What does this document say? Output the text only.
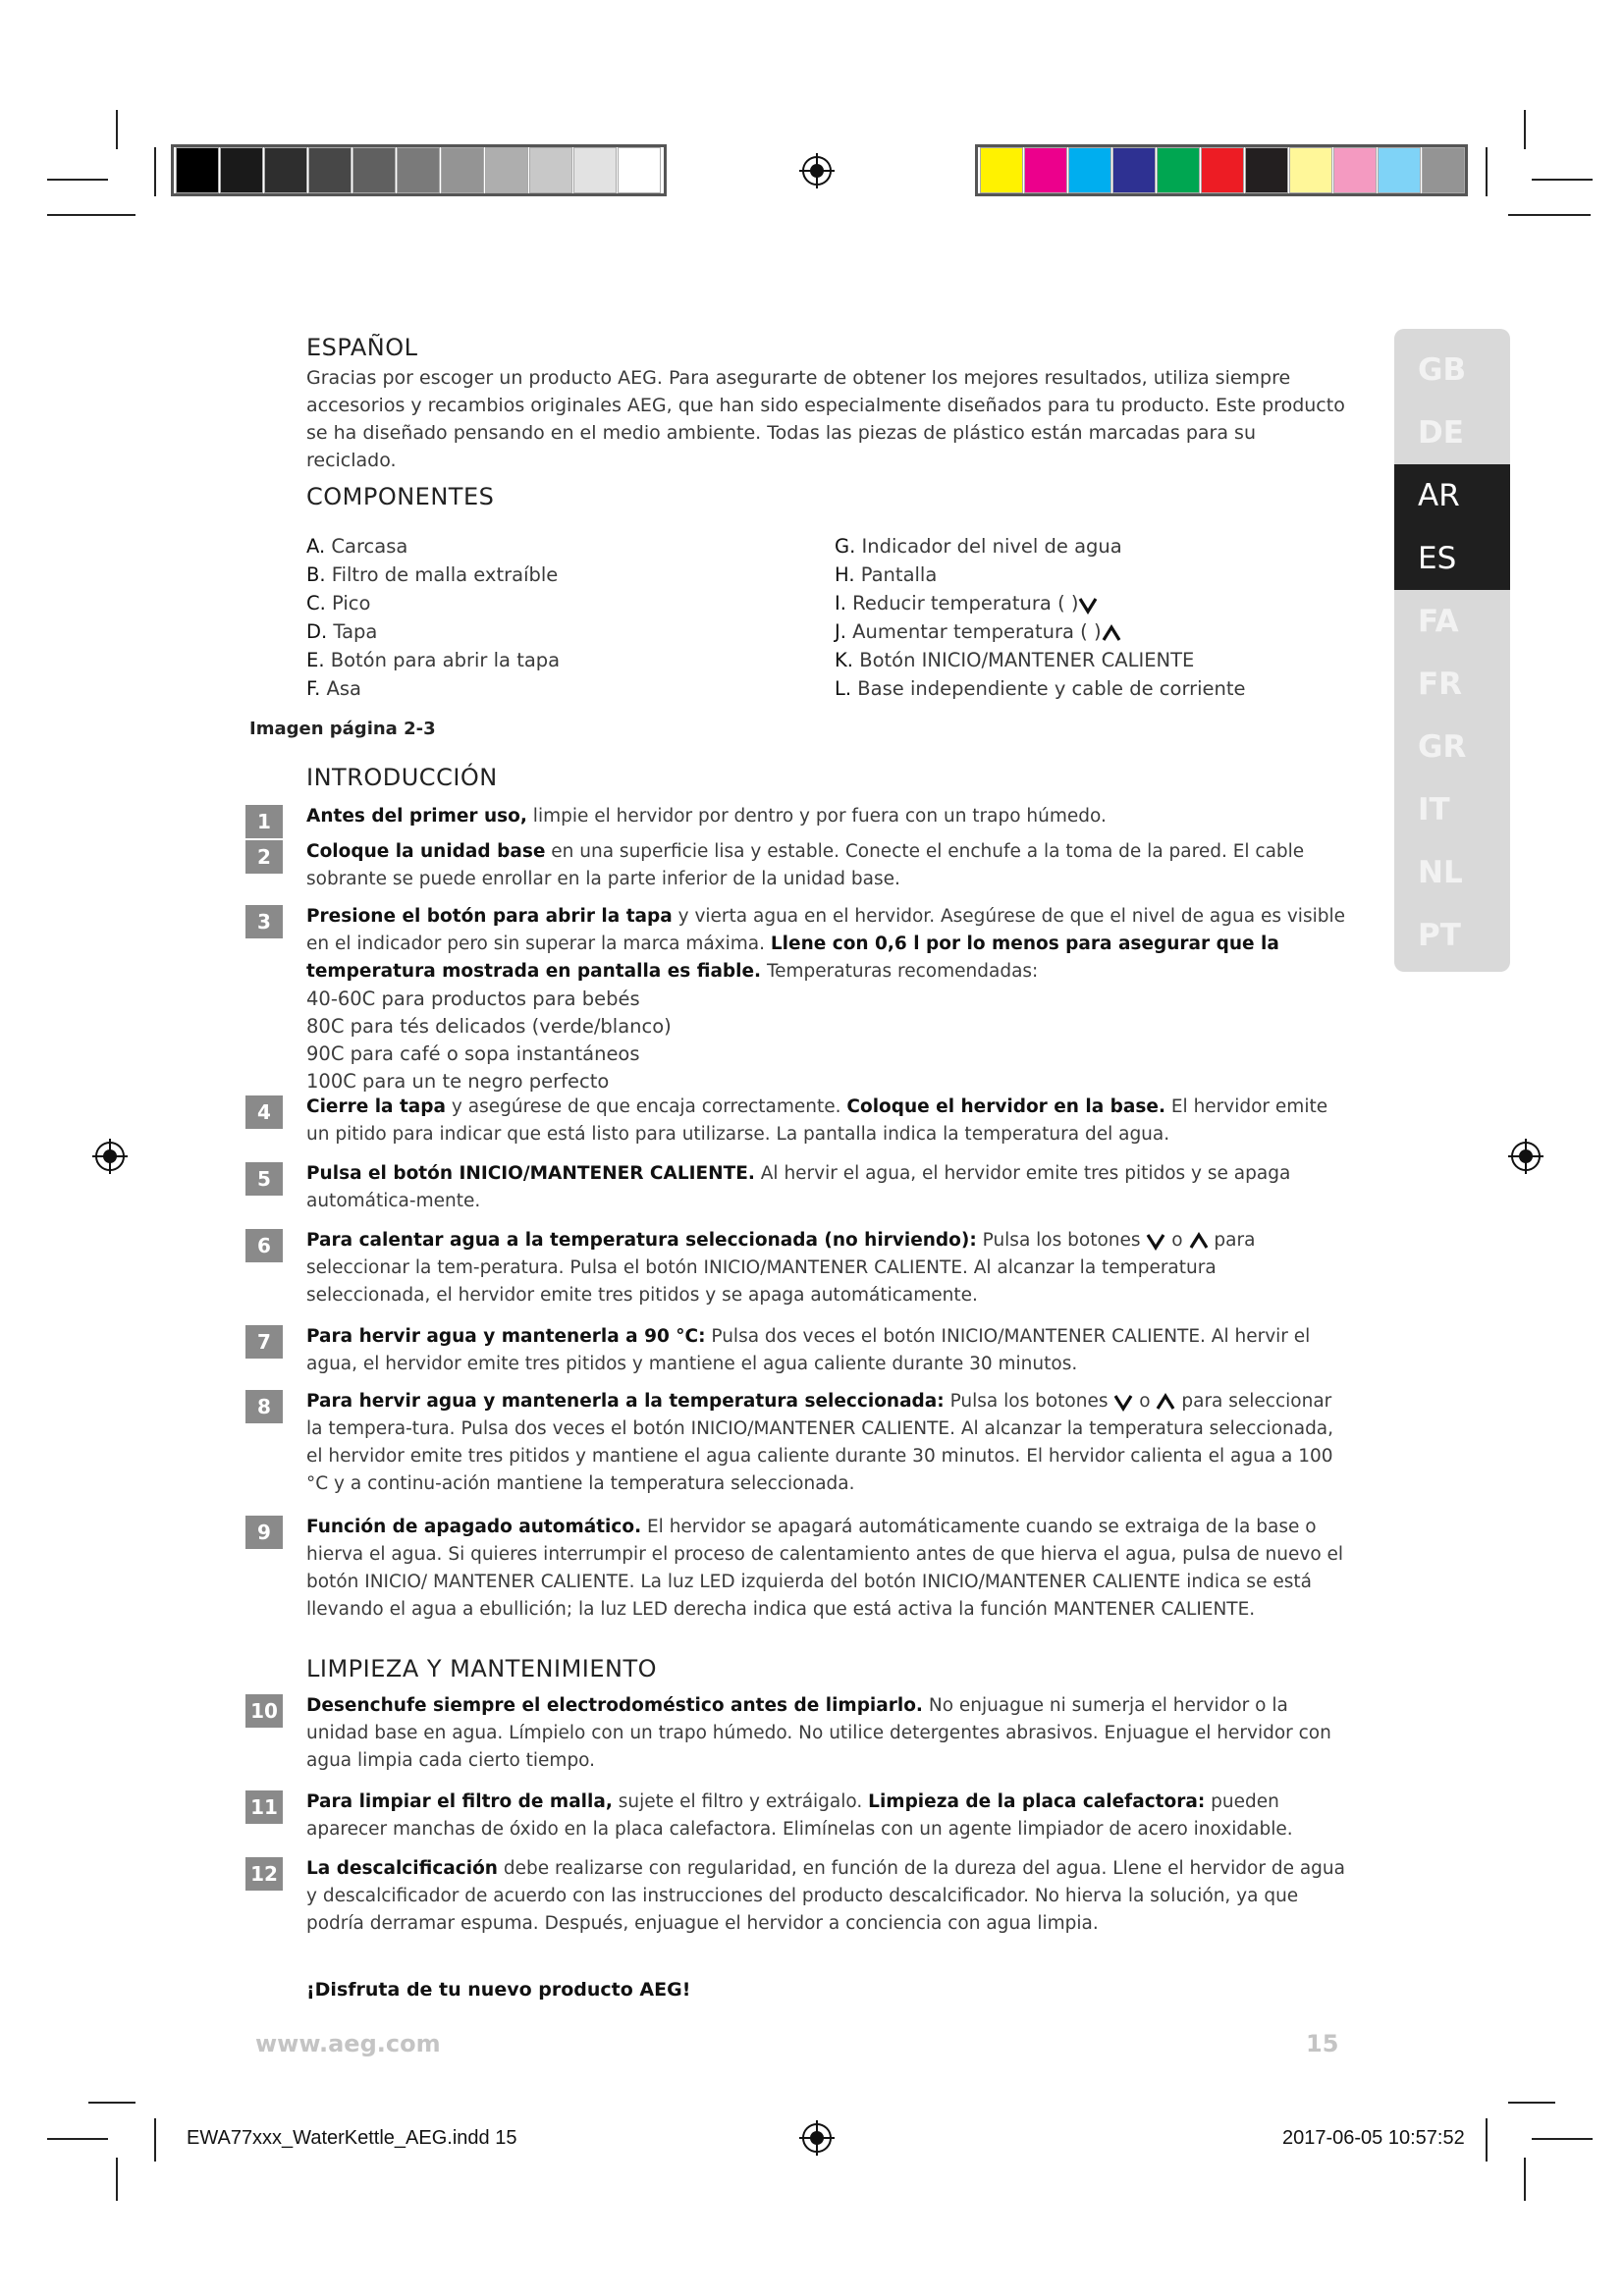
GB
DE
AR
ES
FA
FR
GR
IT
NL
PT
ESPAÑOL
Gracias por escoger un producto AEG. Para asegurarte de obtener los mejores resultados, utiliza siempre accesorios y recambios originales AEG, que han sido especialmente diseñados para tu producto. Este producto se ha diseñado pensando en el medio ambiente. Todas las piezas de plástico están marcadas para su reciclado.
COMPONENTES
A. Carcasa
B. Filtro de malla extraíble
C. Pico
D. Tapa
E. Botón para abrir la tapa
F. Asa
G. Indicador del nivel de agua
H. Pantalla
I. Reducir temperatura ( )
J. Aumentar temperatura ( )
K. Botón INICIO/MANTENER CALIENTE
L. Base independiente y cable de corriente
Imagen página 2-3
INTRODUCCIÓN
1	Antes del primer uso, limpie el hervidor por dentro y por fuera con un trapo húmedo.
2	Coloque la unidad base en una superficie lisa y estable. Conecte el enchufe a la toma de la pared. El cable sobrante se puede enrollar en la parte inferior de la unidad base.
3	Presione el botón para abrir la tapa y vierta agua en el hervidor. Asegúrese de que el nivel de agua es visible en el indicador pero sin superar la marca máxima. Llene con 0,6 l por lo menos para asegurar que la temperatura mostrada en pantalla es fiable. Temperaturas recomendadas:
40-60C para productos para bebés
80C para tés delicados (verde/blanco)
90C para café o sopa instantáneos
100C para un te negro perfecto
4	Cierre la tapa y asegúrese de que encaja correctamente. Coloque el hervidor en la base. El hervidor emite un pitido para indicar que está listo para utilizarse. La pantalla indica la temperatura del agua.
5	Pulsa el botón INICIO/MANTENER CALIENTE. Al hervir el agua, el hervidor emite tres pitidos y se apaga automática-mente.
6	Para calentar agua a la temperatura seleccionada (no hirviendo): Pulsa los botones  o  para seleccionar la tem-peratura. Pulsa el botón INICIO/MANTENER CALIENTE. Al alcanzar la temperatura seleccionada, el hervidor emite tres pitidos y se apaga automáticamente.
7	Para hervir agua y mantenerla a 90 °C: Pulsa dos veces el botón INICIO/MANTENER CALIENTE. Al hervir el agua, el hervidor emite tres pitidos y mantiene el agua caliente durante 30 minutos.
8	Para hervir agua y mantenerla a la temperatura seleccionada: Pulsa los botones  o  para seleccionar la tempera-tura. Pulsa dos veces el botón INICIO/MANTENER CALIENTE. Al alcanzar la temperatura seleccionada, el hervidor emite tres pitidos y mantiene el agua caliente durante 30 minutos. El hervidor calienta el agua a 100 °C y a continu-ación mantiene la temperatura seleccionada.
9	Función de apagado automático. El hervidor se apagará automáticamente cuando se extraiga de la base o hierva el agua. Si quieres interrumpir el proceso de calentamiento antes de que hierva el agua, pulsa de nuevo el botón INICIO/ MANTENER CALIENTE. La luz LED izquierda del botón INICIO/MANTENER CALIENTE indica se está llevando el agua a ebullición; la luz LED derecha indica que está activa la función MANTENER CALIENTE.
LIMPIEZA Y MANTENIMIENTO
10 Desenchufe siempre el electrodoméstico antes de limpiarlo. No enjuague ni sumerja el hervidor o la unidad base en agua. Límpielo con un trapo húmedo. No utilice detergentes abrasivos. Enjuague el hervidor con agua limpia cada cierto tiempo.
11 Para limpiar el filtro de malla, sujete el filtro y extráigalo. Limpieza de la placa calefactora: pueden aparecer manchas de óxido en la placa calefactora. Elimínelas con un agente limpiador de acero inoxidable.
12 La descalcificación debe realizarse con regularidad, en función de la dureza del agua. Llene el hervidor de agua y descalcificador de acuerdo con las instrucciones del producto descalcificador. No hierva la solución, ya que podría derramar espuma. Después, enjuague el hervidor a conciencia con agua limpia.
¡Disfruta de tu nuevo producto AEG!
www.aeg.com	15
EWA77xxx_WaterKettle_AEG.indd 15	2017-06-05 10:57:52
